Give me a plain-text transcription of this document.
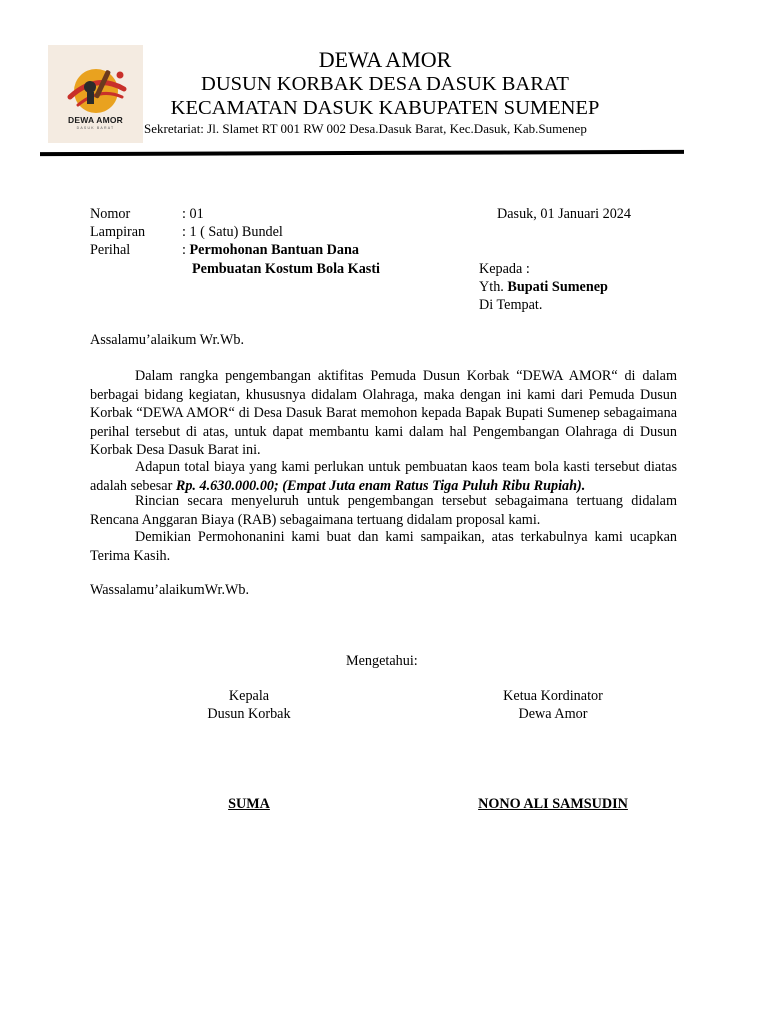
DEWA AMOR
DASUK BARAT
DEWA AMOR
DUSUN KORBAK DESA DASUK BARAT
KECAMATAN DASUK KABUPATEN SUMENEP
Sekretariat: Jl. Slamet RT 001 RW 002 Desa.Dasuk Barat, Kec.Dasuk, Kab.Sumenep
Nomor	: 01
Lampiran	: 1 ( Satu) Bundel
Perihal	: Permohonan Bantuan Dana
Pembuatan Kostum Bola Kasti
Dasuk, 01 Januari 2024
Kepada :
Yth. Bupati Sumenep
Di Tempat.
Assalamu’alaikum Wr.Wb.
Dalam rangka pengembangan aktifitas Pemuda Dusun Korbak “DEWA AMOR“ di dalam berbagai bidang kegiatan, khususnya didalam Olahraga, maka dengan ini kami dari Pemuda Dusun Korbak “DEWA AMOR“ di Desa Dasuk Barat memohon kepada Bapak Bupati Sumenep sebagaimana perihal tersebut di atas, untuk dapat membantu kami dalam hal Pengembangan Olahraga di Dusun Korbak Desa Dasuk Barat ini.
Adapun total biaya yang kami perlukan untuk pembuatan kaos team bola kasti tersebut diatas adalah sebesar Rp. 4.630.000.00; (Empat Juta enam Ratus Tiga Puluh Ribu Rupiah).
Rincian secara menyeluruh untuk pengembangan tersebut sebagaimana tertuang didalam Rencana Anggaran Biaya (RAB) sebagaimana tertuang didalam proposal kami.
Demikian Permohonanini kami buat dan kami sampaikan, atas terkabulnya kami ucapkan Terima Kasih.
Wassalamu’alaikumWr.Wb.
Mengetahui:
Kepala
Dusun Korbak
SUMA
Ketua Kordinator
Dewa Amor
NONO ALI SAMSUDIN
